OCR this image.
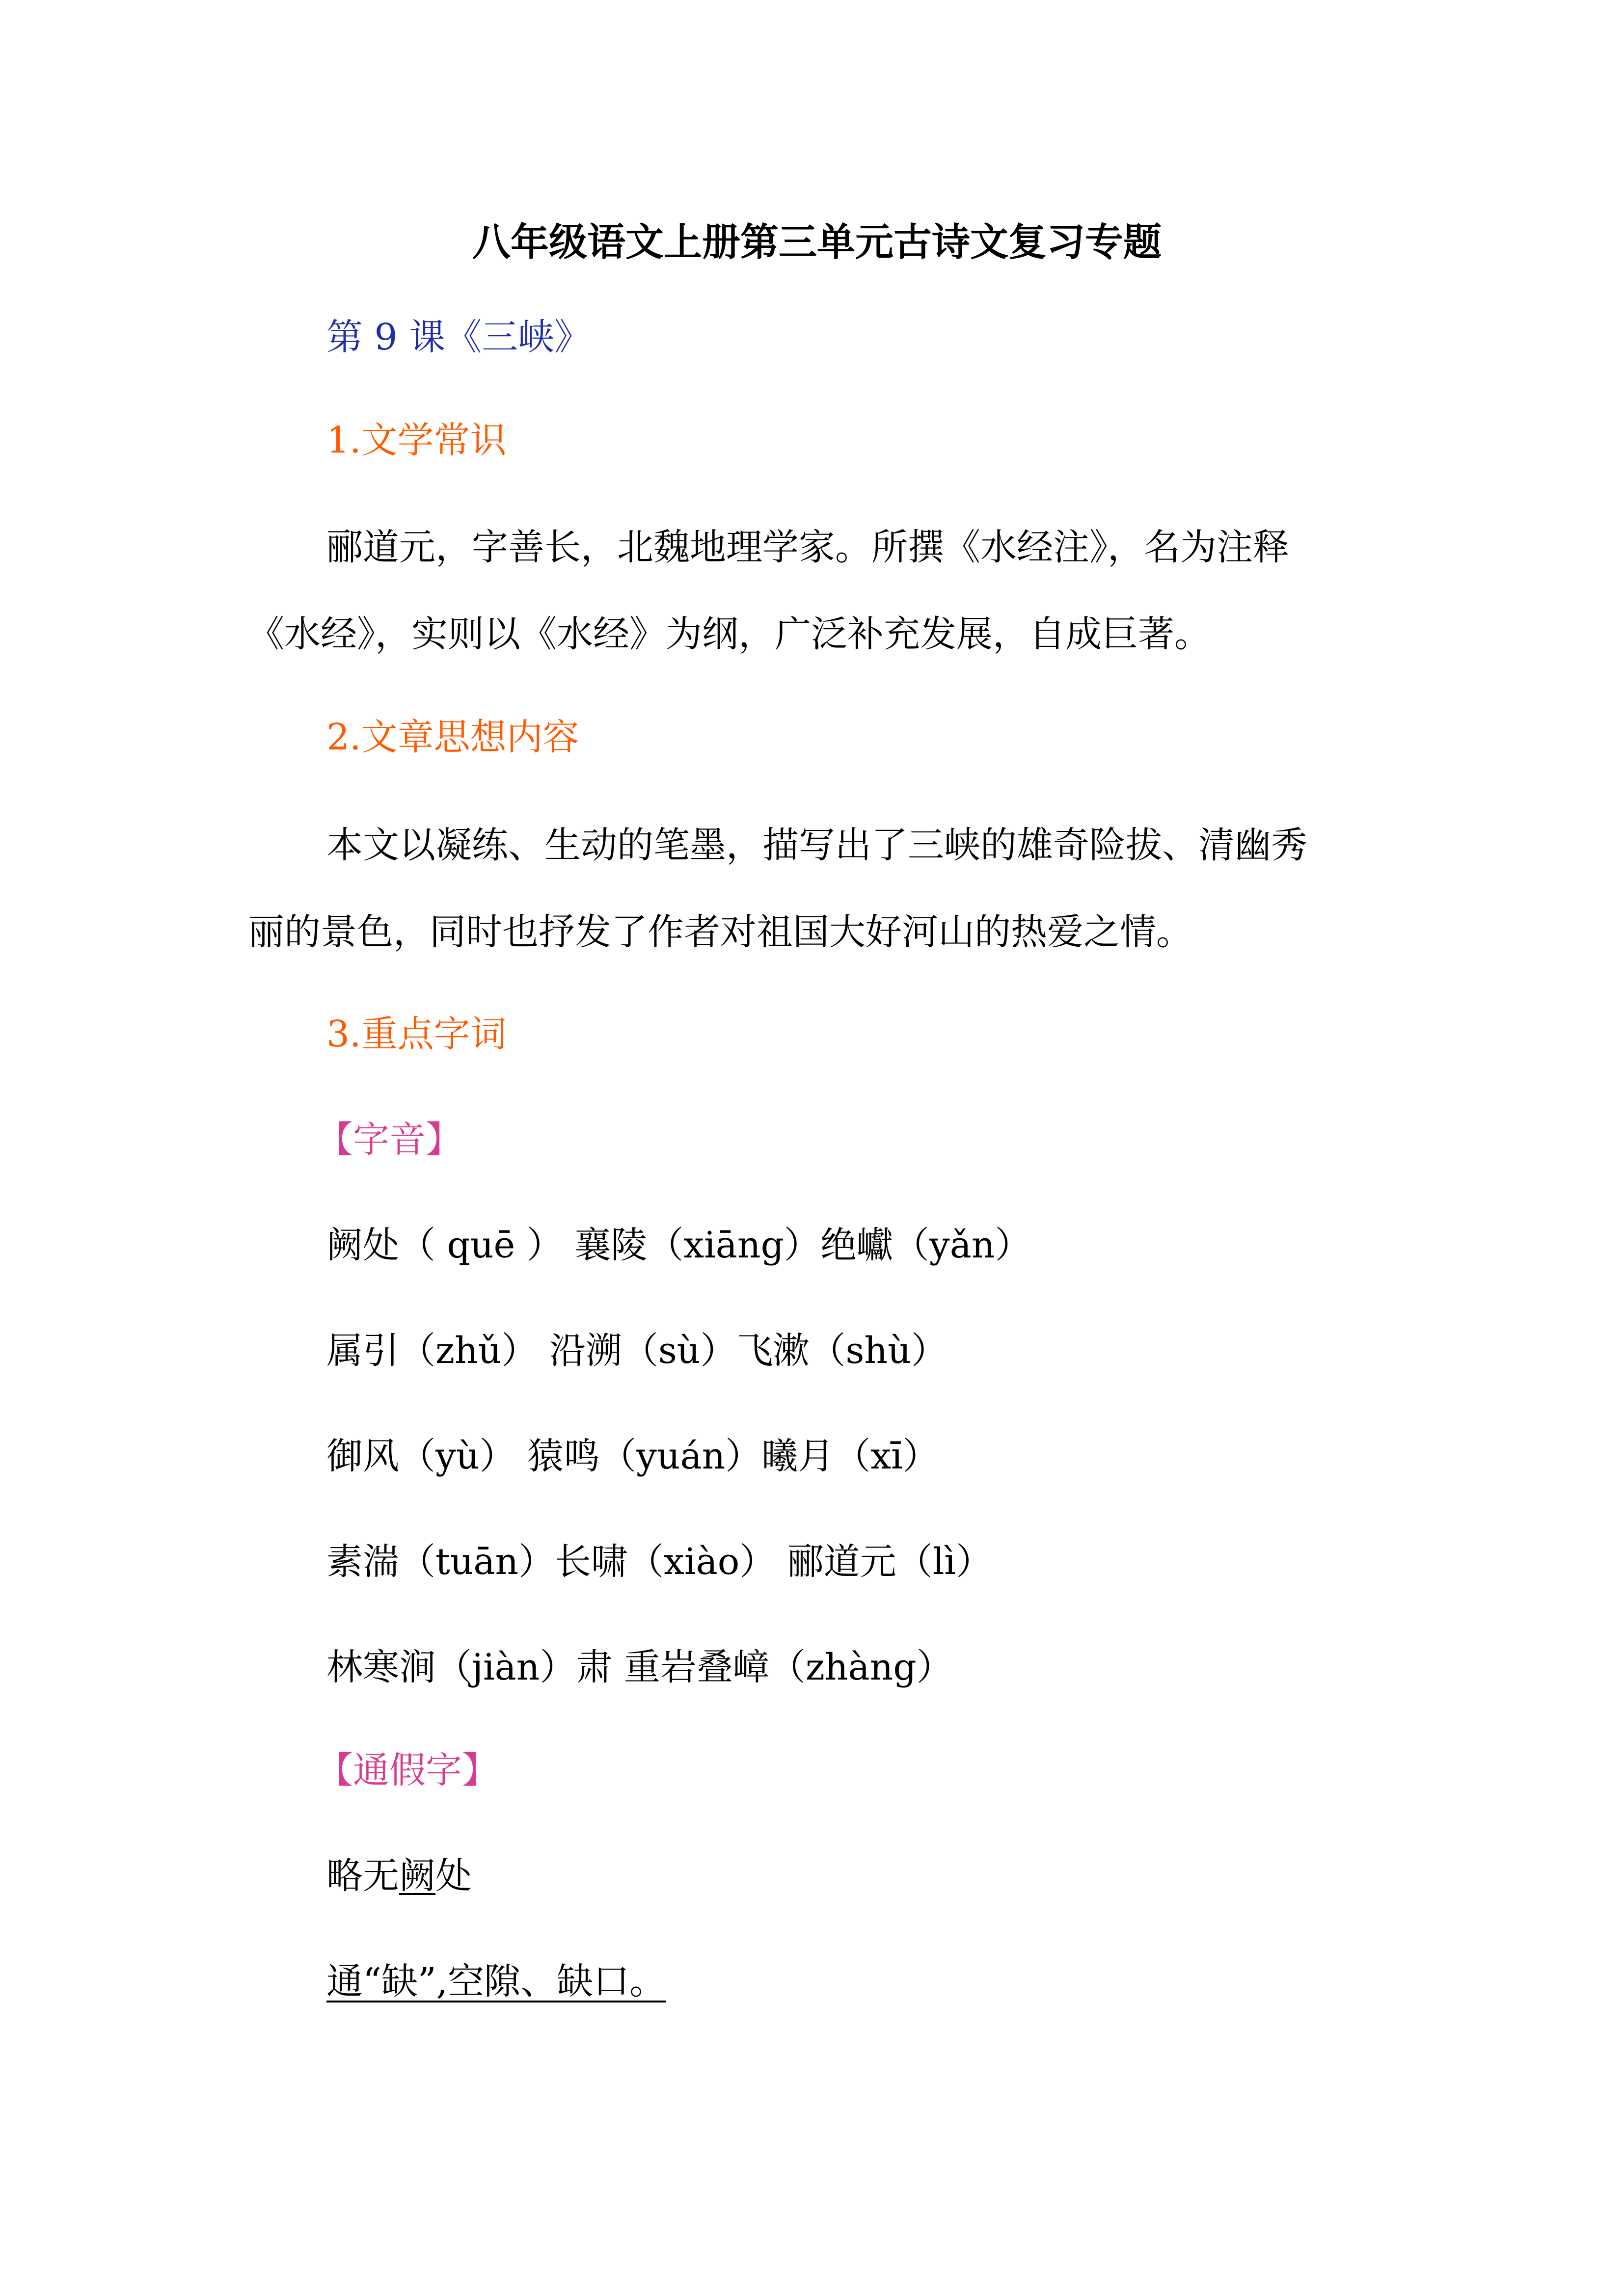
八年级语文上册第三单元古诗文复习专题
第 9 课《三峡》
1.文学常识
郦道元，字善长，北魏地理学家。所撰《水经注》，名为注释
《水经》，实则以《水经》为纲，广泛补充发展，自成巨著。
2.文章思想内容
本文以凝练、生动的笔墨，描写出了三峡的雄奇险拔、清幽秀
丽的景色，同时也抒发了作者对祖国大好河山的热爱之情。
3.重点字词
【字音】
阙处（ quē ） 襄陵（xiāng）绝巘（yǎn）
属引（zhǔ） 沿溯（sù）飞漱（shù）
御风（yù） 猿鸣（yuán）曦月（xī）
素湍（tuān）长啸（xiào） 郦道元（lì）
林寒涧（jiàn）肃 重岩叠嶂（zhàng）
【通假字】
略无阙处
通“缺”,空隙、缺口。
